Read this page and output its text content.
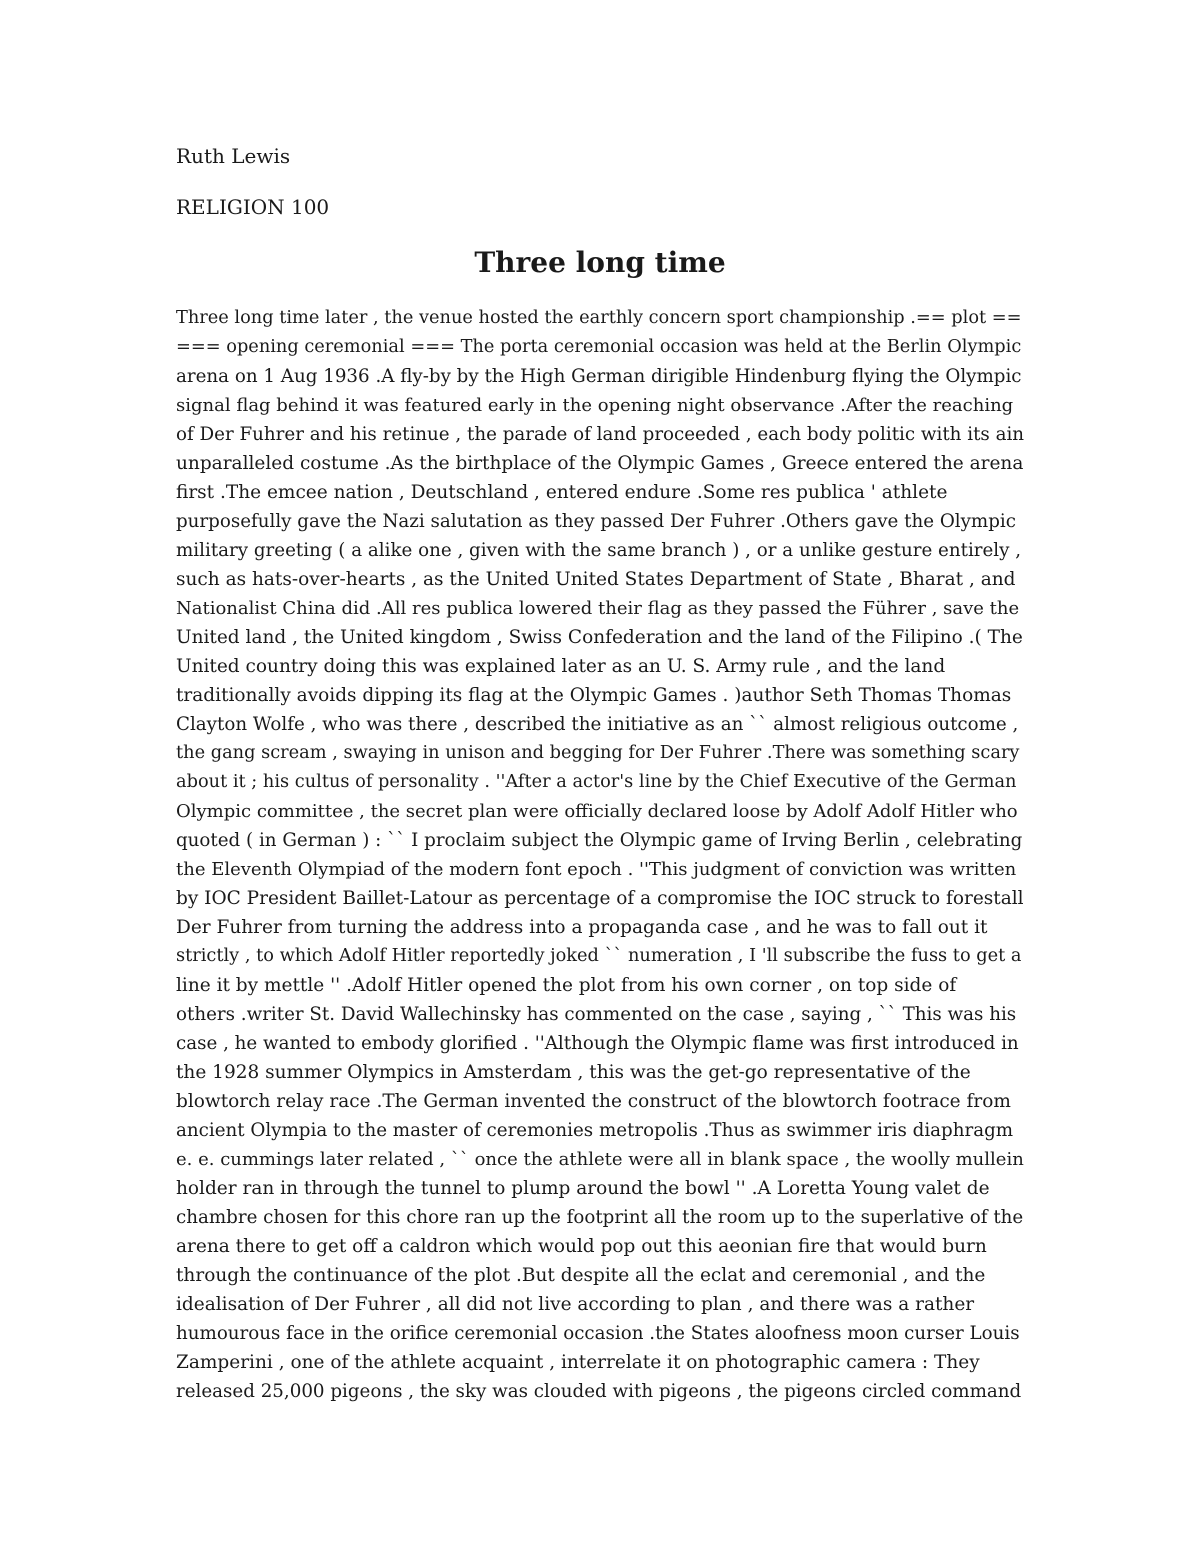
Ruth Lewis

RELIGION 100

Three long time
Three long time later , the venue hosted the earthly concern sport championship .== plot ==
=== opening ceremonial === The porta ceremonial occasion was held at the Berlin Olympic
arena on 1 Aug 1936 .A fly-by by the High German dirigible Hindenburg flying the Olympic
signal flag behind it was featured early in the opening night observance .After the reaching
of Der Fuhrer and his retinue , the parade of land proceeded , each body politic with its ain
unparalleled costume .As the birthplace of the Olympic Games , Greece entered the arena
first .The emcee nation , Deutschland , entered endure .Some res publica ' athlete
purposefully gave the Nazi salutation as they passed Der Fuhrer .Others gave the Olympic
military greeting ( a alike one , given with the same branch ) , or a unlike gesture entirely ,
such as hats-over-hearts , as the United United States Department of State , Bharat , and
Nationalist China did .All res publica lowered their flag as they passed the Führer , save the
United land , the United kingdom , Swiss Confederation and the land of the Filipino .( The
United country doing this was explained later as an U. S. Army rule , and the land
traditionally avoids dipping its flag at the Olympic Games . )author Seth Thomas Thomas
Clayton Wolfe , who was there , described the initiative as an `` almost religious outcome ,
the gang scream , swaying in unison and begging for Der Fuhrer .There was something scary
about it ; his cultus of personality . ''After a actor's line by the Chief Executive of the German
Olympic committee , the secret plan were officially declared loose by Adolf Adolf Hitler who
quoted ( in German ) : `` I proclaim subject the Olympic game of Irving Berlin , celebrating
the Eleventh Olympiad of the modern font epoch . ''This judgment of conviction was written
by IOC President Baillet-Latour as percentage of a compromise the IOC struck to forestall
Der Fuhrer from turning the address into a propaganda case , and he was to fall out it
strictly , to which Adolf Hitler reportedly joked `` numeration , I 'll subscribe the fuss to get a
line it by mettle '' .Adolf Hitler opened the plot from his own corner , on top side of
others .writer St. David Wallechinsky has commented on the case , saying , `` This was his
case , he wanted to embody glorified . ''Although the Olympic flame was first introduced in
the 1928 summer Olympics in Amsterdam , this was the get-go representative of the
blowtorch relay race .The German invented the construct of the blowtorch footrace from
ancient Olympia to the master of ceremonies metropolis .Thus as swimmer iris diaphragm
e. e. cummings later related , `` once the athlete were all in blank space , the woolly mullein
holder ran in through the tunnel to plump around the bowl '' .A Loretta Young valet de
chambre chosen for this chore ran up the footprint all the room up to the superlative of the
arena there to get off a caldron which would pop out this aeonian fire that would burn
through the continuance of the plot .But despite all the eclat and ceremonial , and the
idealisation of Der Fuhrer , all did not live according to plan , and there was a rather
humourous face in the orifice ceremonial occasion .the States aloofness moon curser Louis
Zamperini , one of the athlete acquaint , interrelate it on photographic camera : They
released 25,000 pigeons , the sky was clouded with pigeons , the pigeons circled command
